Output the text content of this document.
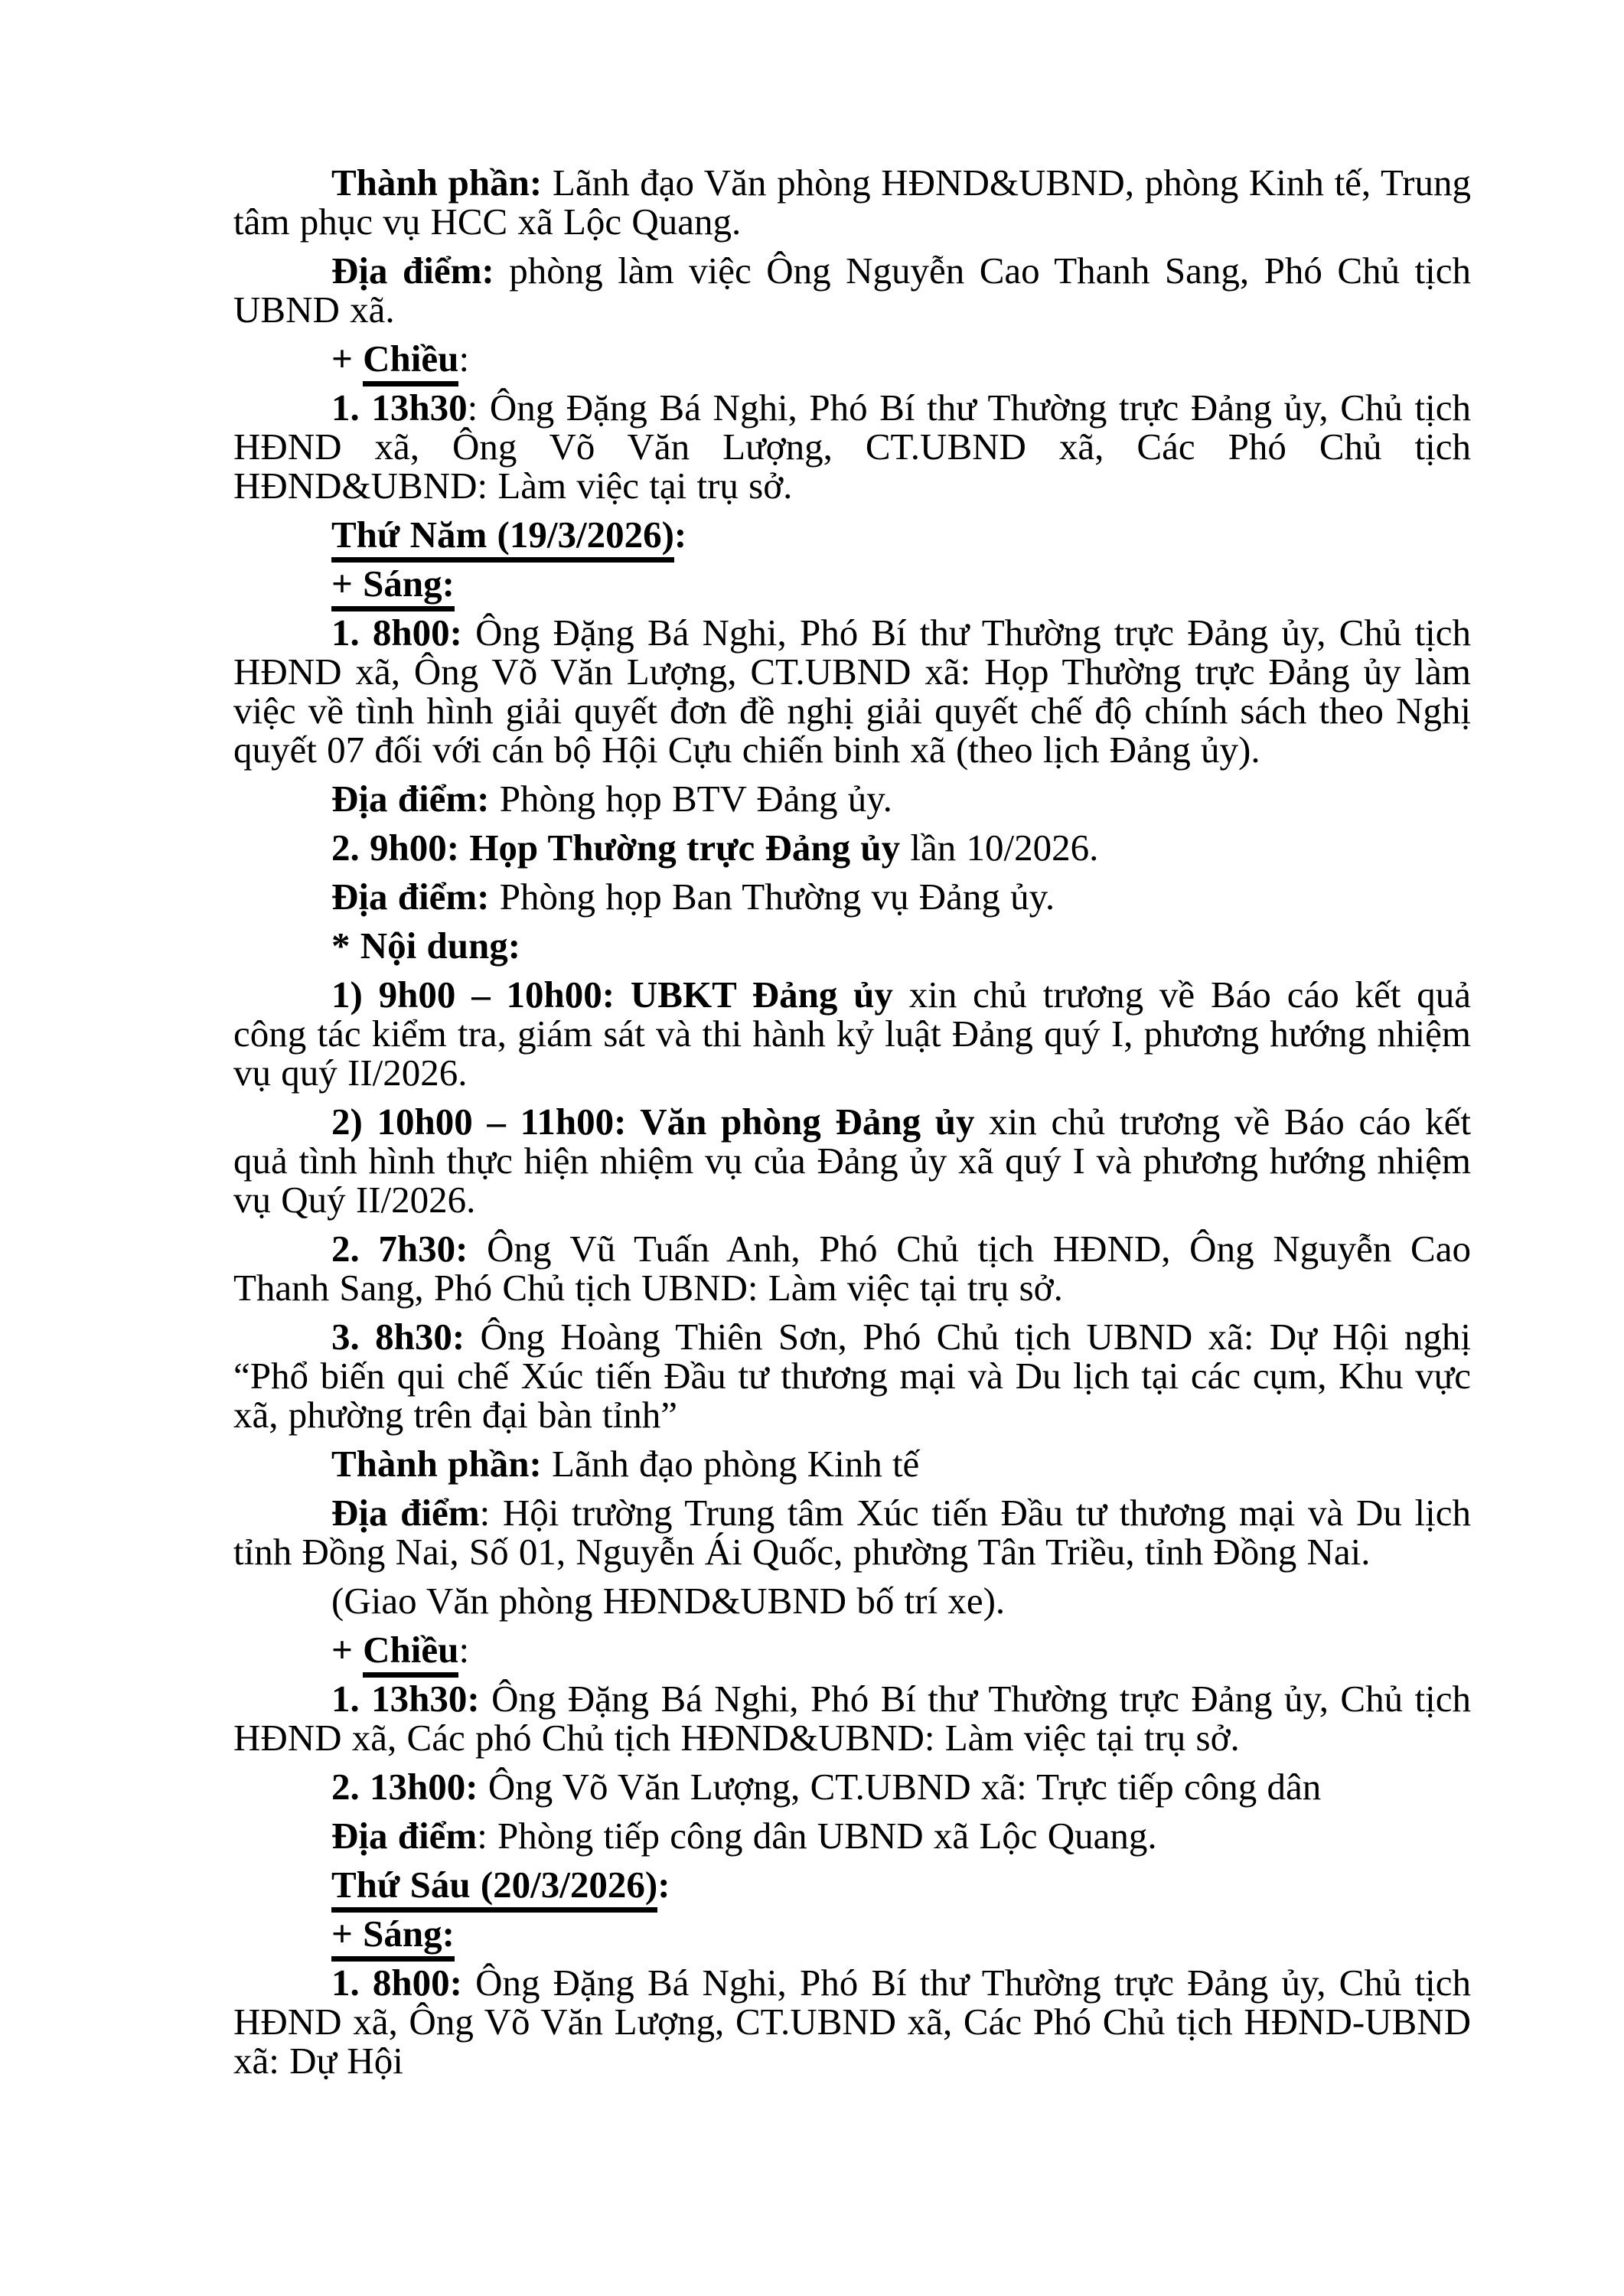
Thành phần: Lãnh đạo Văn phòng HĐND&UBND, phòng Kinh tế, Trung tâm phục vụ HCC xã Lộc Quang.

Địa điểm: phòng làm việc Ông Nguyễn Cao Thanh Sang, Phó Chủ tịch UBND xã.

+ Chiều:

1. 13h30: Ông Đặng Bá Nghi, Phó Bí thư Thường trực Đảng ủy, Chủ tịch HĐND xã, Ông Võ Văn Lượng, CT.UBND xã, Các Phó Chủ tịch HĐND&UBND: Làm việc tại trụ sở.

Thứ Năm (19/3/2026):

+ Sáng:

1. 8h00: Ông Đặng Bá Nghi, Phó Bí thư Thường trực Đảng ủy, Chủ tịch HĐND xã, Ông Võ Văn Lượng, CT.UBND xã: Họp Thường trực Đảng ủy làm việc về tình hình giải quyết đơn đề nghị giải quyết chế độ chính sách theo Nghị quyết 07 đối với cán bộ Hội Cựu chiến binh xã (theo lịch Đảng ủy).

Địa điểm: Phòng họp BTV Đảng ủy.

2. 9h00: Họp Thường trực Đảng ủy lần 10/2026.

Địa điểm: Phòng họp Ban Thường vụ Đảng ủy.

* Nội dung:

1) 9h00 – 10h00: UBKT Đảng ủy xin chủ trương về Báo cáo kết quả công tác kiểm tra, giám sát và thi hành kỷ luật Đảng quý I, phương hướng nhiệm vụ quý II/2026.

2) 10h00 – 11h00: Văn phòng Đảng ủy xin chủ trương về Báo cáo kết quả tình hình thực hiện nhiệm vụ của Đảng ủy xã quý I và phương hướng nhiệm vụ Quý II/2026.

2. 7h30: Ông Vũ Tuấn Anh, Phó Chủ tịch HĐND, Ông Nguyễn Cao Thanh Sang, Phó Chủ tịch UBND: Làm việc tại trụ sở.

3. 8h30: Ông Hoàng Thiên Sơn, Phó Chủ tịch UBND xã: Dự Hội nghị “Phổ biến qui chế Xúc tiến Đầu tư thương mại và Du lịch tại các cụm, Khu vực xã, phường trên đại bàn tỉnh”

Thành phần: Lãnh đạo phòng Kinh tế

Địa điểm: Hội trường Trung tâm Xúc tiến Đầu tư thương mại và Du lịch tỉnh Đồng Nai, Số 01, Nguyễn Ái Quốc, phường Tân Triều, tỉnh Đồng Nai.

(Giao Văn phòng HĐND&UBND bố trí xe).

+ Chiều:

1. 13h30: Ông Đặng Bá Nghi, Phó Bí thư Thường trực Đảng ủy, Chủ tịch HĐND xã, Các phó Chủ tịch HĐND&UBND: Làm việc tại trụ sở.

2. 13h00: Ông Võ Văn Lượng, CT.UBND xã: Trực tiếp công dân

Địa điểm: Phòng tiếp công dân UBND xã Lộc Quang.

Thứ Sáu (20/3/2026):

+ Sáng:

1. 8h00: Ông Đặng Bá Nghi, Phó Bí thư Thường trực Đảng ủy, Chủ tịch HĐND xã, Ông Võ Văn Lượng, CT.UBND xã, Các Phó Chủ tịch HĐND-UBND xã: Dự Hội
